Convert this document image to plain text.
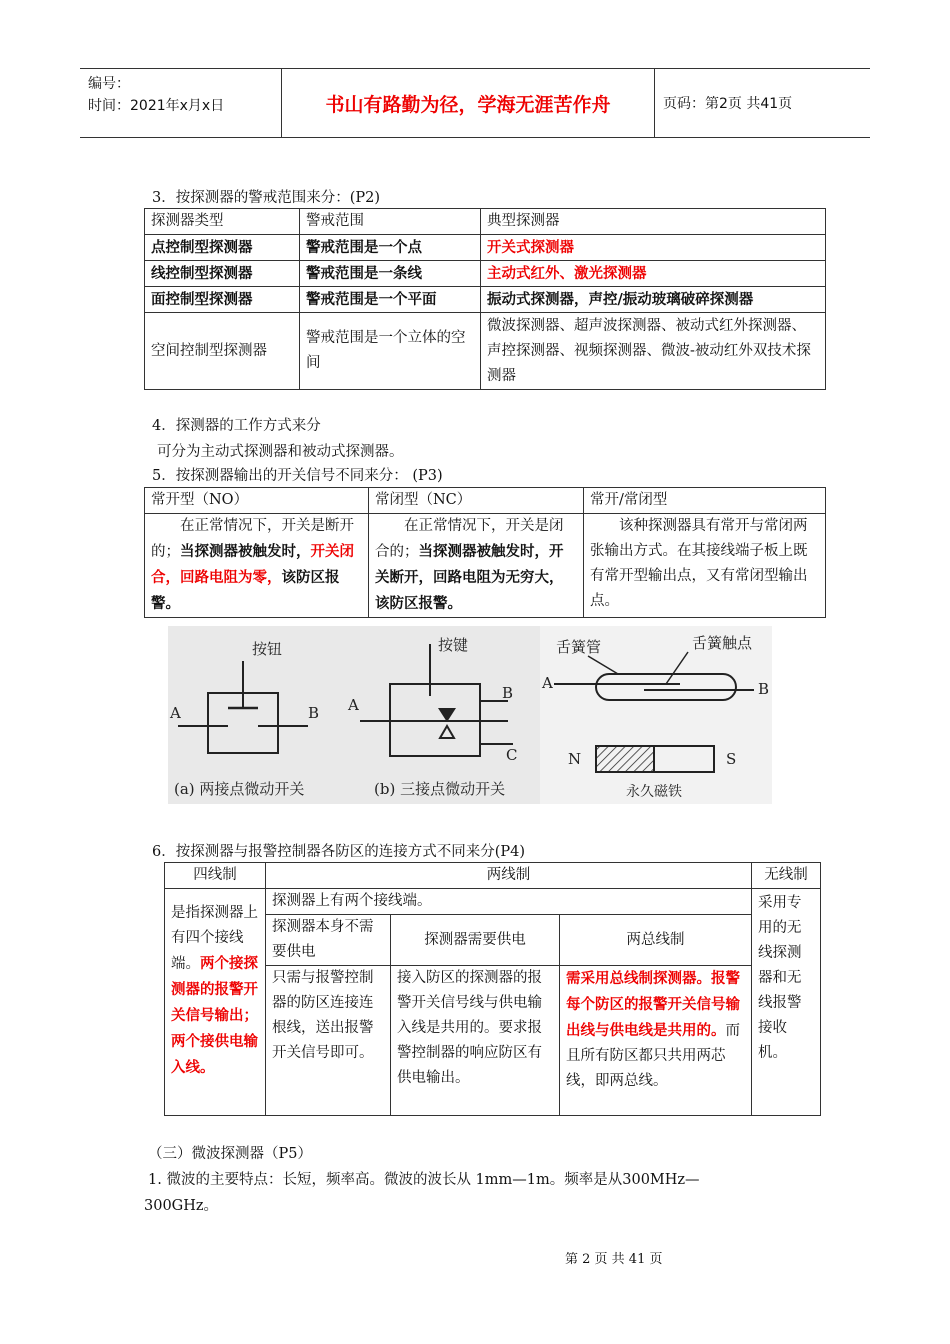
编号：
时间：2021年x月x日	书山有路勤为径，学海无涯苦作舟	页码：第2页 共41页
3．按探测器的警戒范围来分：(P2)
探测器类型	警戒范围	典型探测器
点控制型探测器	警戒范围是一个点	开关式探测器
线控制型探测器	警戒范围是一条线	主动式红外、激光探测器
面控制型探测器	警戒范围是一个平面	振动式探测器，声控/振动玻璃破碎探测器
空间控制型探测器	警戒范围是一个立体的空间	微波探测器、超声波探测器、被动式红外探测器、声控探测器、视频探测器、微波-被动红外双技术探测器
4．探测器的工作方式来分
可分为主动式探测器和被动式探测器。
5．按探测器输出的开关信号不同来分： (P3)
常开型（NO）	常闭型（NC）	常开/常闭型
在正常情况下，开关是断开的；当探测器被触发时，开关闭合，回路电阻为零，该防区报警。	在正常情况下，开关是闭合的；当探测器被触发时，开关断开，回路电阻为无穷大，该防区报警。	该种探测器具有常开与常闭两张输出方式。在其接线端子板上既有常开型输出点，又有常闭型输出点。
按钮
A	B
(a) 两接点微动开关
按键
A
B
C
(b) 三接点微动开关
舌簧管	舌簧触点
A	B
N	S
永久磁铁
6．按探测器与报警控制器各防区的连接方式不同来分(P4)
四线制	两线制			无线制
是指探测器上有四个接线端。两个接探测器的报警开关信号输出；两个接供电输入线。	探测器上有两个接线端。			采用专用的无线探测器和无线报警接收机。
	探测器本身不需要供电	探测器需要供电	两总线制	
	只需与报警控制器的防区连接连根线，送出报警开关信号即可。	接入防区的探测器的报警开关信号线与供电输入线是共用的。要求报警控制器的响应防区有供电输出。	需采用总线制探测器。报警每个防区的报警开关信号输出线与供电线是共用的。而且所有防区都只共用两芯线，即两总线。	
（三）微波探测器（P5）
1. 微波的主要特点：长短，频率高。微波的波长从 1mm—1m。频率是从300MHz—
300GHz。
第 2 页 共 41 页
